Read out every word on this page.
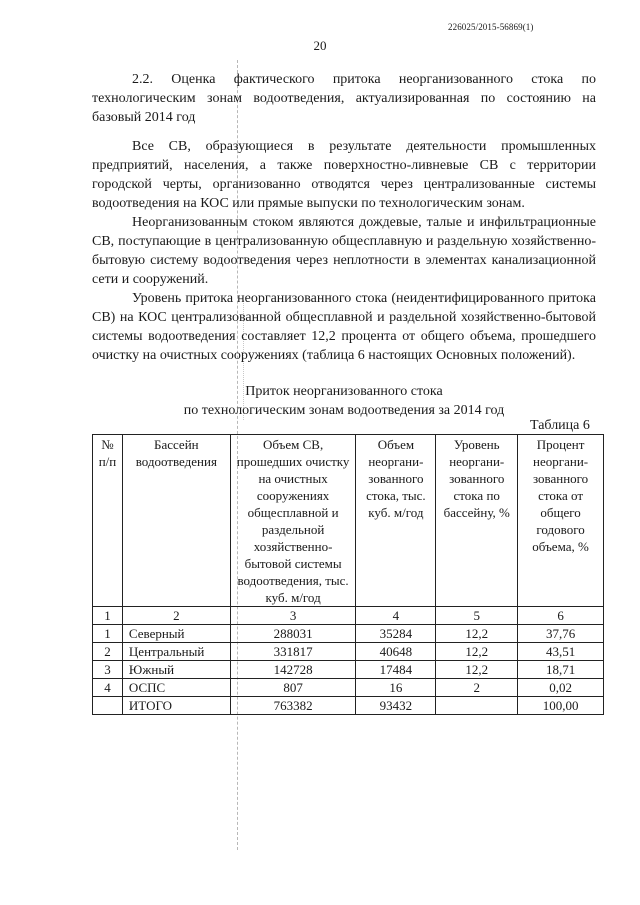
226025/2015-56869(1)
20

2.2. Оценка фактического притока неорганизованного стока по технологическим зонам водоотведения, актуализированная по состоянию на базовый 2014 год

Все СВ, образующиеся в результате деятельности промышленных предприятий, населения, а также поверхностно-ливневые СВ с территории городской черты, организованно отводятся через централизованные системы водоотведения на КОС или прямые выпуски по технологическим зонам.

Неорганизованным стоком являются дождевые, талые и инфильтрационные СВ, поступающие в централизованную общесплавную и раздельную хозяйственно-бытовую систему водоотведения через неплотности в элементах канализационной сети и сооружений.

Уровень притока неорганизованного стока (неидентифицированного притока СВ) на КОС централизованной общесплавной и раздельной хозяйственно-бытовой системы водоотведения составляет 12,2 процента от общего объема, прошедшего очистку на очистных сооружениях (таблица 6 настоящих Основных положений).

Приток неорганизованного стока
по технологическим зонам водоотведения за 2014 год
Таблица 6
№ п/п	Бассейн водоотведения	Объем СВ, прошедших очистку на очистных сооружениях общесплавной и раздельной хозяйственно-бытовой системы водоотведения, тыс. куб. м/год	Объем неоргани-зованного стока, тыс. куб. м/год	Уровень неоргани-зованного стока по бассейну, %	Процент неоргани-зованного стока от общего годового объема, %
1	2	3	4	5	6
1	Северный	288031	35284	12,2	37,76
2	Центральный	331817	40648	12,2	43,51
3	Южный	142728	17484	12,2	18,71
4	ОСПС	807	16	2	0,02
	ИТОГО	763382	93432		100,00
